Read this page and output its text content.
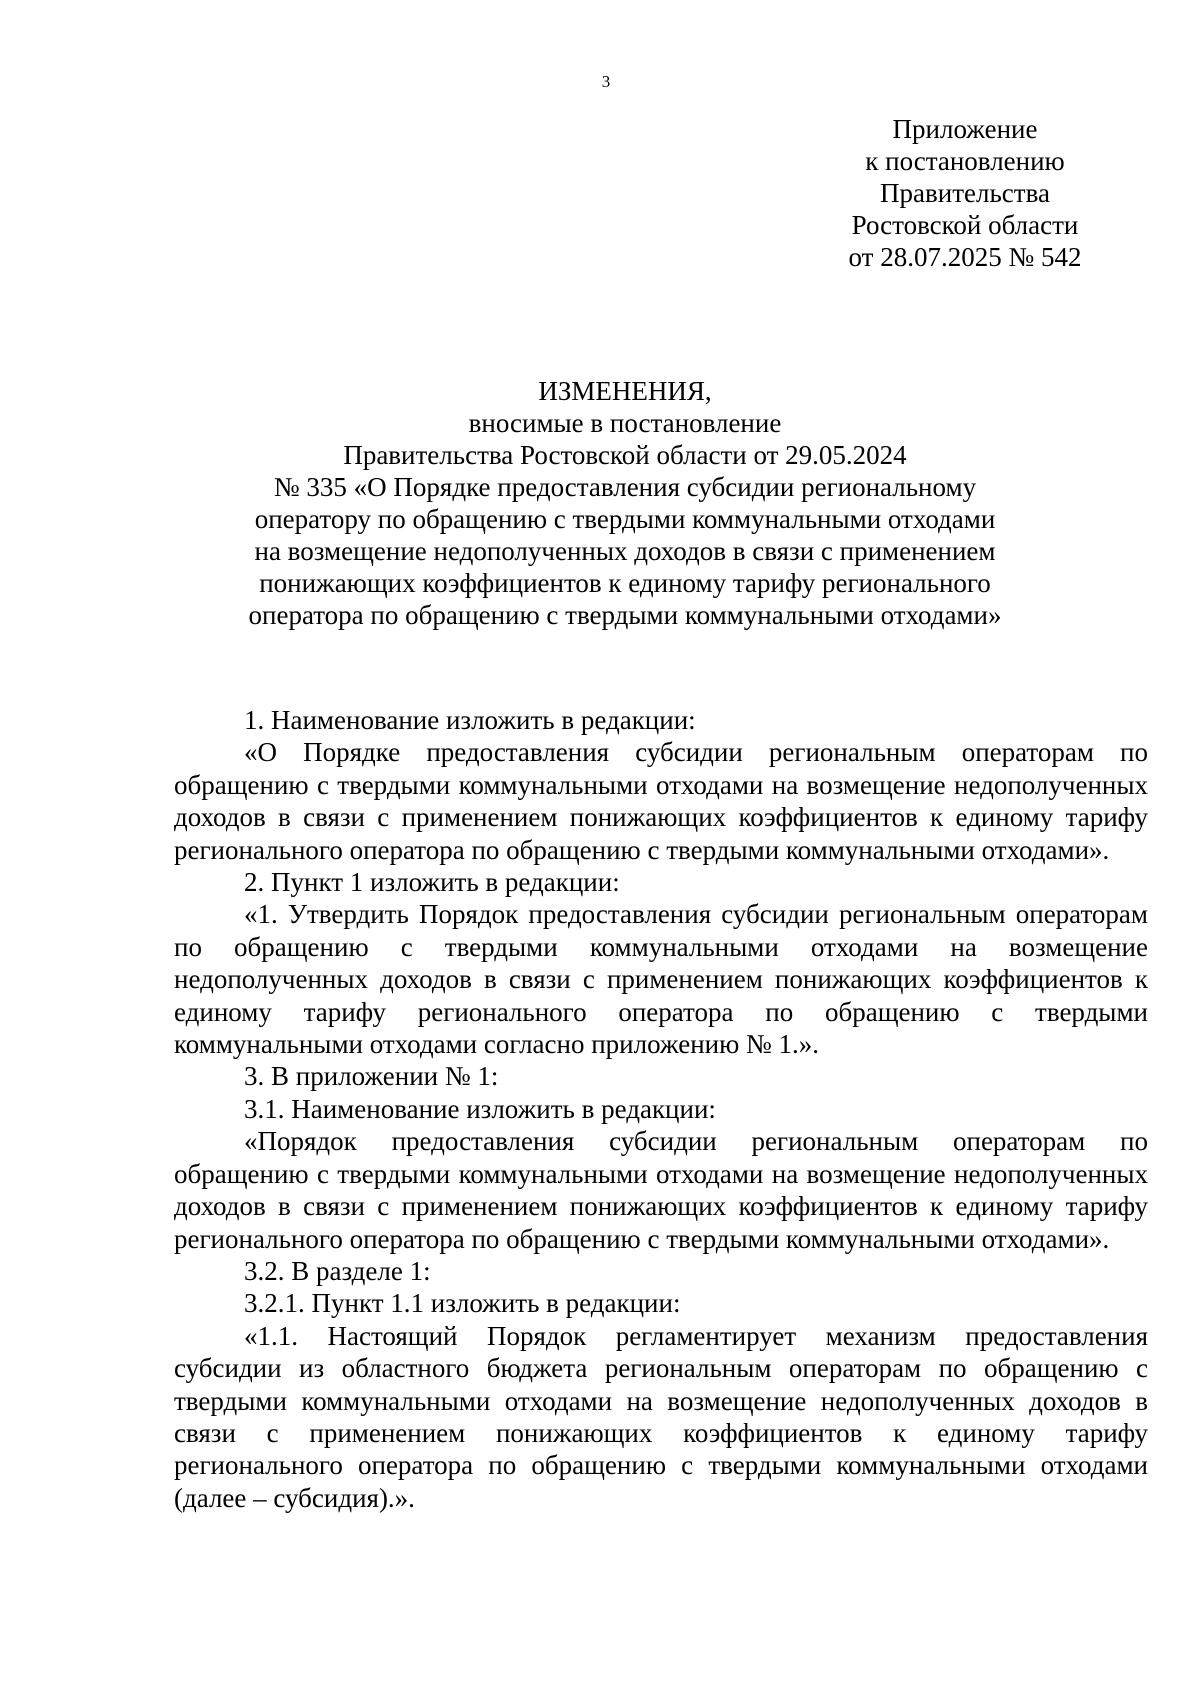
3
Приложение
к постановлению
Правительства
Ростовской области
от 28.07.2025 № 542
ИЗМЕНЕНИЯ,
вносимые в постановление
Правительства Ростовской области от 29.05.2024
№ 335 «О Порядке предоставления субсидии региональному
оператору по обращению с твердыми коммунальными отходами
на возмещение недополученных доходов в связи с применением
понижающих коэффициентов к единому тарифу регионального
оператора по обращению с твердыми коммунальными отходами»

1. Наименование изложить в редакции:

«О Порядке предоставления субсидии региональным операторам по обращению с твердыми коммунальными отходами на возмещение недополученных доходов в связи с применением понижающих коэффициентов к единому тарифу регионального оператора по обращению с твердыми коммунальными отходами».

2. Пункт 1 изложить в редакции:

«1. Утвердить Порядок предоставления субсидии региональным операторам по обращению с твердыми коммунальными отходами на возмещение недополученных доходов в связи с применением понижающих коэффициентов к единому тарифу регионального оператора по обращению с твердыми коммунальными отходами согласно приложению № 1.».

3. В приложении № 1:

3.1. Наименование изложить в редакции:

«Порядок предоставления субсидии региональным операторам по обращению с твердыми коммунальными отходами на возмещение недополученных доходов в связи с применением понижающих коэффициентов к единому тарифу регионального оператора по обращению с твердыми коммунальными отходами».

3.2. В разделе 1:

3.2.1. Пункт 1.1 изложить в редакции:

«1.1. Настоящий Порядок регламентирует механизм предоставления субсидии из областного бюджета региональным операторам по обращению с твердыми коммунальными отходами на возмещение недополученных доходов в связи с применением понижающих коэффициентов к единому тарифу регионального оператора по обращению с твердыми коммунальными отходами (далее – субсидия).».
